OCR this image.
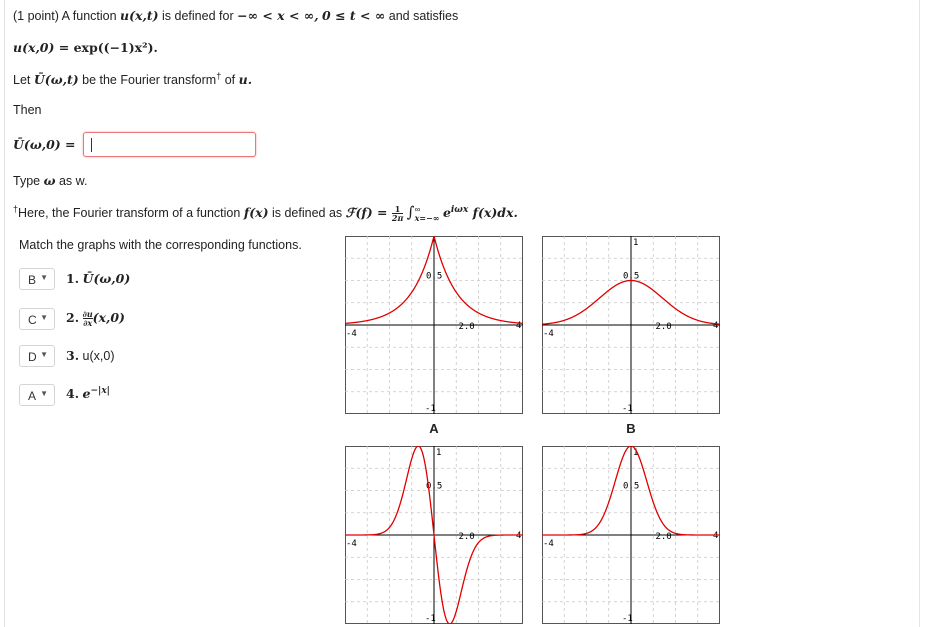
(1 point) A function u(x,t) is defined for −∞ < x < ∞, 0 ≤ t < ∞ and satisfies
u(x,0) = exp((−1)x²).
Let Ū(ω,t) be the Fourier transform† of u.
Then
Ū(ω,0) =
Type ω as w.
†Here, the Fourier transform of a function f(x) is defined as ℱ(f) = $\frac{1}{2\pi}$ ∫ ∞
x=−∞ $e^{i\omega x}$ f(x)dx.
Match the graphs with the corresponding functions.
B ▼ 1. Ū(ω,0)
C ▼ 2. $\frac{\partial u}{\partial x} (x,0)$
D ▼ 3. u(x,0)
A ▼ 4. $e^{-|x|}$
0.5
2.0
-4
4
-1
A
1
0.5
2.0
-4
4
-1
B
1
0.5
2.0
-4
4
-1
1
0.5
2.0
-4
4
-1
